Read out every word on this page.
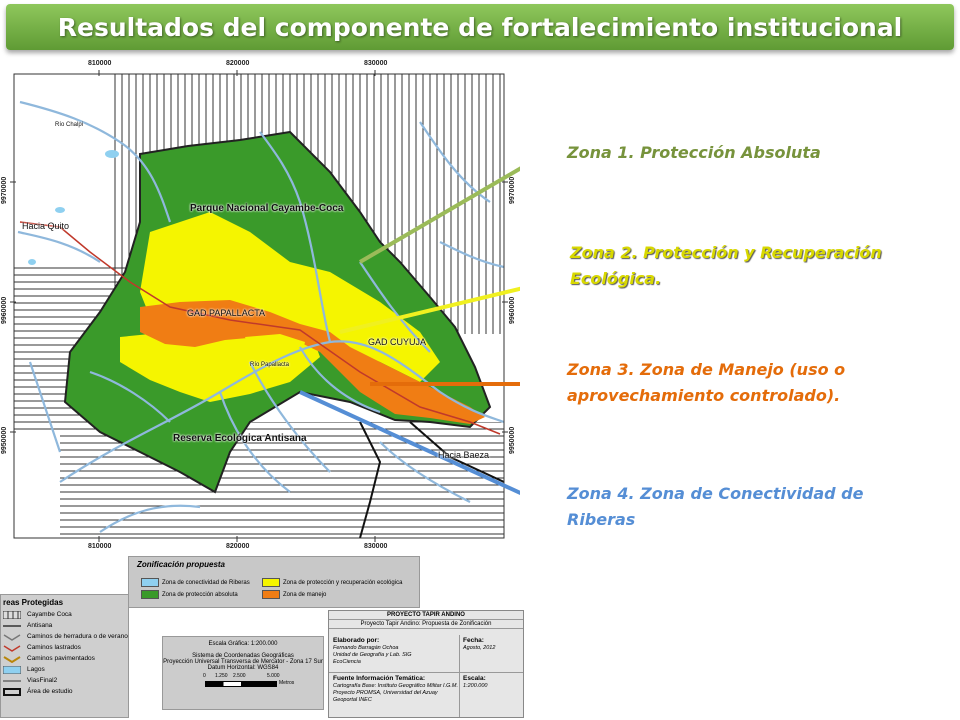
Resultados del componente de fortalecimiento institucional
810000	820000	830000
810000	820000	830000
9970000
9960000
9950000
9970000
9960000
9950000
Parque Nacional Cayambe-Coca
Hacia Quito
GAD PAPALLACTA
GAD CUYUJA
Reserva Ecológica Antisana
Hacia Baeza
Río Chalpi
Río Papallacta
Zona 1. Protección Absoluta
Zona 2. Protección y Recuperación Ecológica.
Zona 3. Zona de Manejo (uso o aprovechamiento controlado).
Zona 4. Zona de Conectividad de Riberas
Zonificación propuesta
Zona de conectividad de Riberas	Zona de protección y recuperación ecológica
Zona de protección absoluta	Zona de manejo
reas Protegidas
Cayambe Coca
Antisana
Caminos de herradura o de verano
Caminos lastrados
Caminos pavimentados
Lagos
ViasFinal2
Área de estudio
Escala Gráfica: 1:200.000
Sistema de Coordenadas Geográficas
Proyección Universal Transversa de Mercator - Zona 17 Sur
Datum Horizontal: WGS84
0 1.250 2.500	5.000
Metros
PROYECTO TAPIR ANDINO
Proyecto Tapir Andino: Propuesta de Zonificación
Elaborado por:
Fernando Barragán Ochoa
Unidad de Geografía y Lab. SIG
EcoCiencia
Fecha:
Agosto, 2012
Fuente Información Temática:
Cartografía Base: Instituto Geográfico Militar I.G.M.
Proyecto PROMSA, Universidad del Azuay
Geoportal INEC
Escala:
1:200.000
